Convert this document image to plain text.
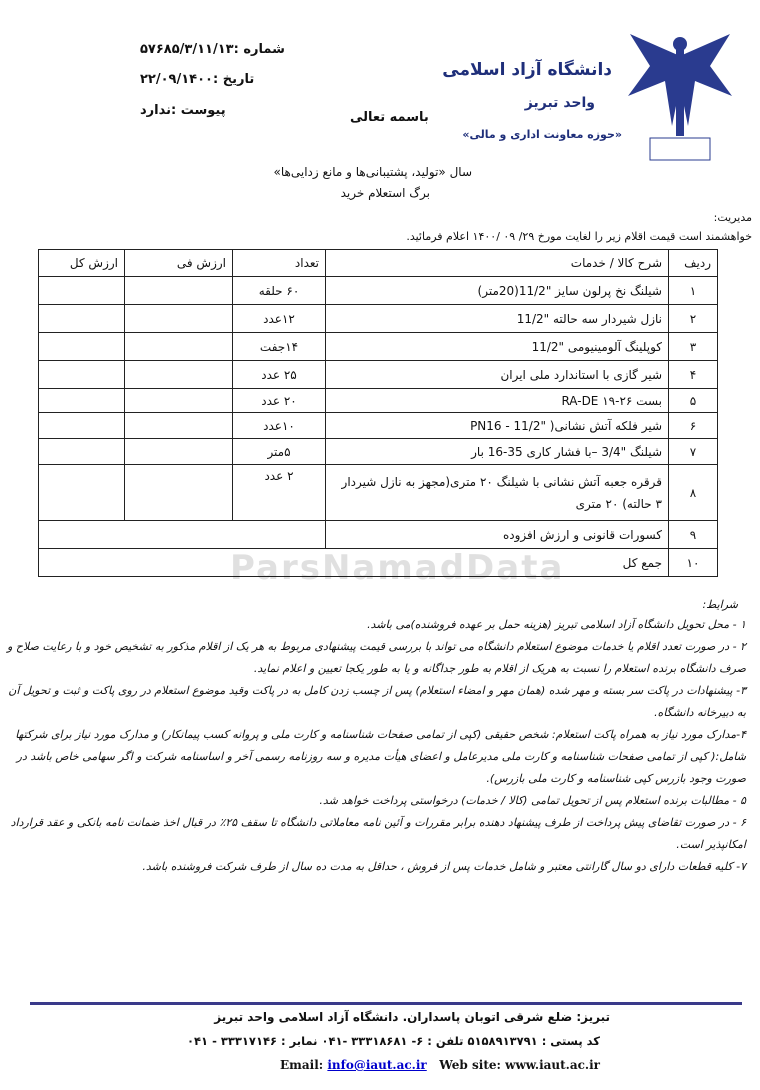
دانشگاه آزاد اسلامی
واحد تبریز
«حوزه معاونت اداری و مالی»
باسمه تعالی
شماره :۵۷۶۸۵/۳/۱۱/۱۳
تاریخ :۲۲/۰۹/۱۴۰۰
پیوست :ندارد
سال «تولید، پشتیبانی‌ها و مانع زدایی‌ها»
برگ استعلام خرید
مدیریت:
خواهشمند است قیمت اقلام زیر را لغایت مورخ ۲۹/ ۰۹ /۱۴۰۰ اعلام فرمائید.
ردیف	شرح کالا / خدمات	تعداد	ارزش فی	ارزش کل
۱	شیلنگ نخ پرلون سایز "11/2(20متر)	۶۰ حلقه		
۲	نازل شیردار سه حالته "11/2	۱۲عدد		
۳	کوپلینگ آلومینیومی "11/2	۱۴جفت		
۴	شیر گازی با استاندارد ملی ایران	۲۵ عدد		
۵	بست ۲۶-۱۹ RA-DE	۲۰ عدد		
۶	شیر فلکه آتش نشانی( "PN16 - 11/2	۱۰عدد		
۷	شیلنگ "3/4 –با فشار کاری 35-16 بار	۵متر		
۸	قرقره جعبه آتش نشانی با شیلنگ ۲۰ متری(مجهز به نازل شیردار ۳ حالته) ۲۰ متری	۲ عدد		
۹	کسورات قانونی و ارزش افزوده			
۱۰	جمع کل			
ParsNamadData
شرایط:

۱ - محل تحویل دانشگاه آزاد اسلامی تبریز (هزینه حمل بر عهده فروشنده)می باشد.

۲ - در صورت تعدد اقلام یا خدمات موضوع استعلام دانشگاه می تواند با بررسی قیمت پیشنهادی مربوط به هر یک از اقلام مذکور به تشخیص خود و با رعایت صلاح و صرف دانشگاه برنده استعلام را نسبت به هریک از اقلام به طور جداگانه و یا به طور یکجا تعیین و اعلام نماید.

۳- پیشنهادات در پاکت سر بسته و مهر شده (همان مهر و امضاء استعلام) پس از چسب زدن کامل به در پاکت وقید موضوع استعلام در روی پاکت و ثبت و تحویل آن به دبیرخانه دانشگاه.

۴-مدارک مورد نیاز به همراه پاکت استعلام: شخص حقیقی (کپی از تمامی صفحات شناسنامه و کارت ملی و پروانه کسب پیمانکار) و مدارک مورد نیاز برای شرکتها شامل:( کپی از تمامی صفحات شناسنامه و کارت ملی مدیرعامل و اعضای هیأت مدیره و سه روزنامه رسمی آخر و اساسنامه شرکت و اگر سهامی خاص باشد در صورت وجود بازرس کپی شناسنامه و کارت ملی بازرس).

۵ - مطالبات برنده استعلام پس از تحویل تمامی (کالا / خدمات) درخواستی پرداخت خواهد شد.

۶ - در صورت تقاضای پیش پرداخت از طرف پیشنهاد دهنده برابر مقررات و آئین نامه معاملاتی دانشگاه تا سقف ۲۵٪ در قبال اخذ ضمانت نامه بانکی و عقد قرارداد امکانپذیر است.

۷- کلیه قطعات دارای دو سال گارانتی معتبر و شامل خدمات پس از فروش ، حداقل به مدت ده سال از طرف شرکت فروشنده باشد.

تبریز: ضلع شرقی اتوبان پاسداران. دانشگاه آزاد اسلامی واحد تبریز
کد پستی : ۵۱۵۸۹۱۳۷۹۱ تلفن : ۶- ۳۳۳۱۸۶۸۱ -۰۴۱ نمابر : ۳۳۳۱۷۱۴۶ - ۰۴۱
Email: info@iaut.ac.ir Web site: www.iaut.ac.ir
